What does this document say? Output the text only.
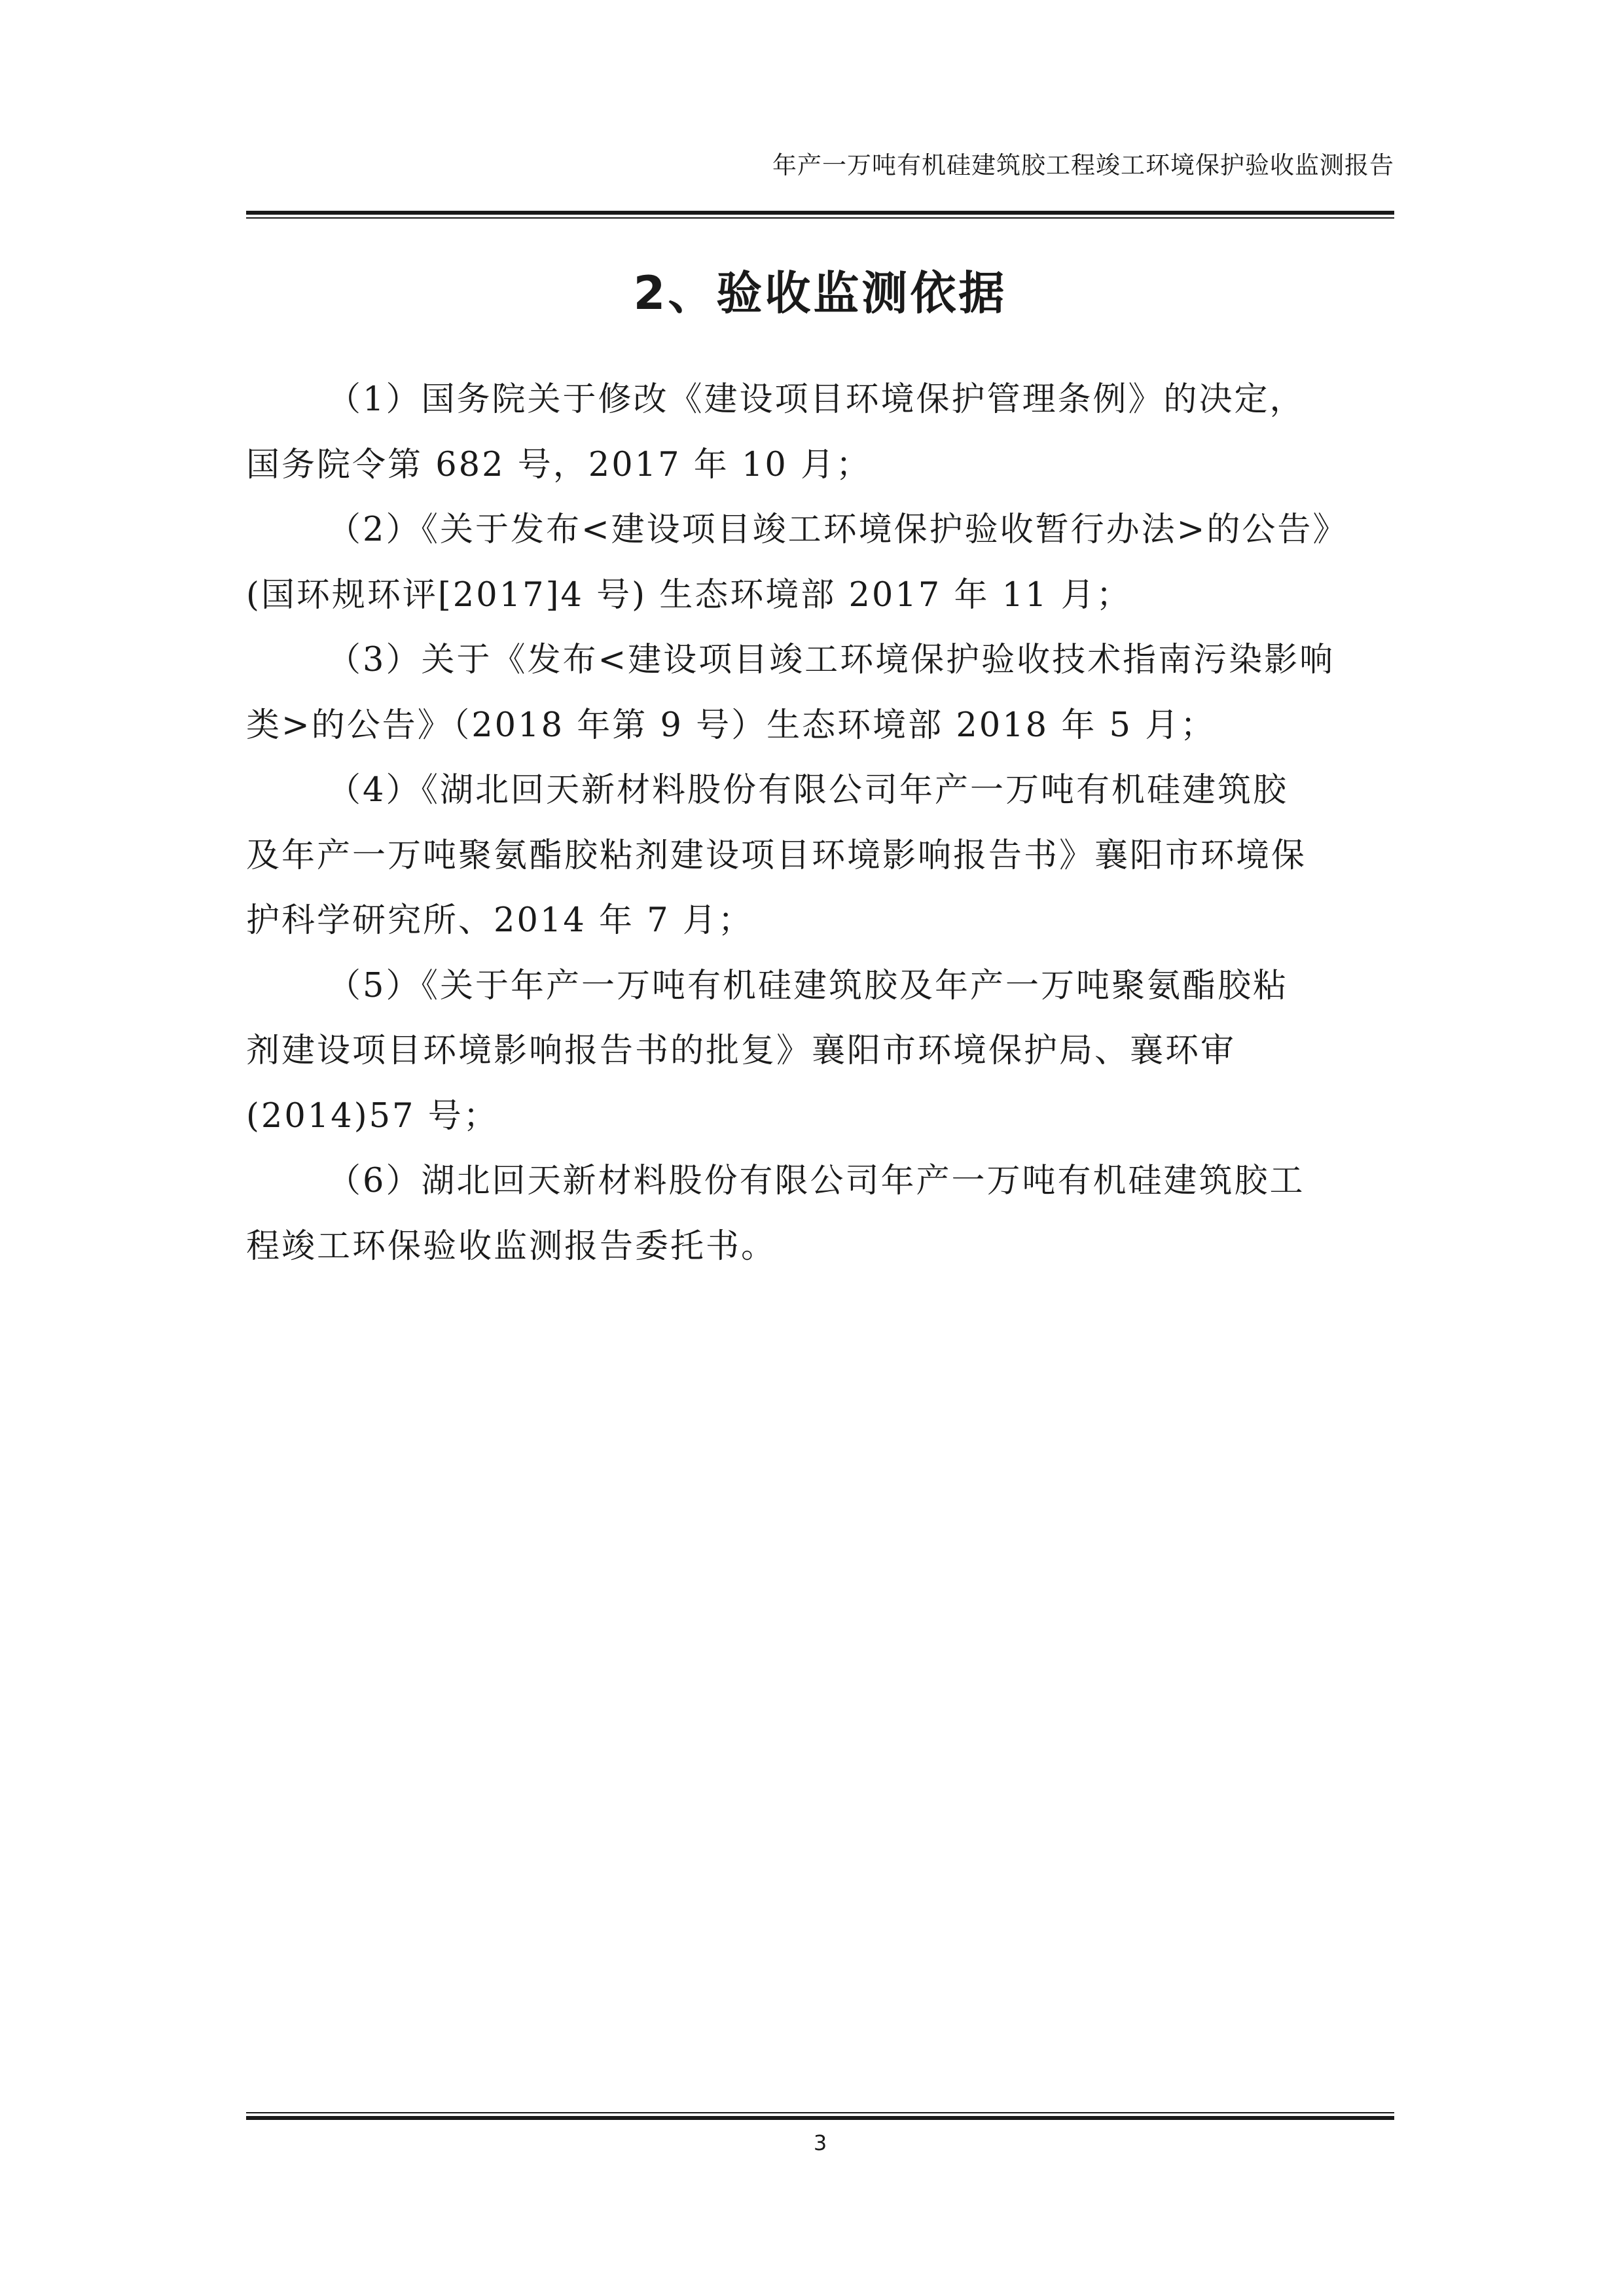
年产一万吨有机硅建筑胶工程竣工环境保护验收监测报告
2、验收监测依据

（1）国务院关于修改《建设项目环境保护管理条例》的决定，
国务院令第 682 号，2017 年 10 月；

（2）《关于发布<建设项目竣工环境保护验收暂行办法>的公告》
(国环规环评[2017]4 号) 生态环境部 2017 年 11 月；

（3）关于《发布<建设项目竣工环境保护验收技术指南污染影响
类>的公告》（2018 年第 9 号）生态环境部 2018 年 5 月；

（4）《湖北回天新材料股份有限公司年产一万吨有机硅建筑胶
及年产一万吨聚氨酯胶粘剂建设项目环境影响报告书》襄阳市环境保
护科学研究所、2014 年 7 月；

（5）《关于年产一万吨有机硅建筑胶及年产一万吨聚氨酯胶粘
剂建设项目环境影响报告书的批复》襄阳市环境保护局、襄环审
(2014)57 号；

（6）湖北回天新材料股份有限公司年产一万吨有机硅建筑胶工
程竣工环保验收监测报告委托书。

3
